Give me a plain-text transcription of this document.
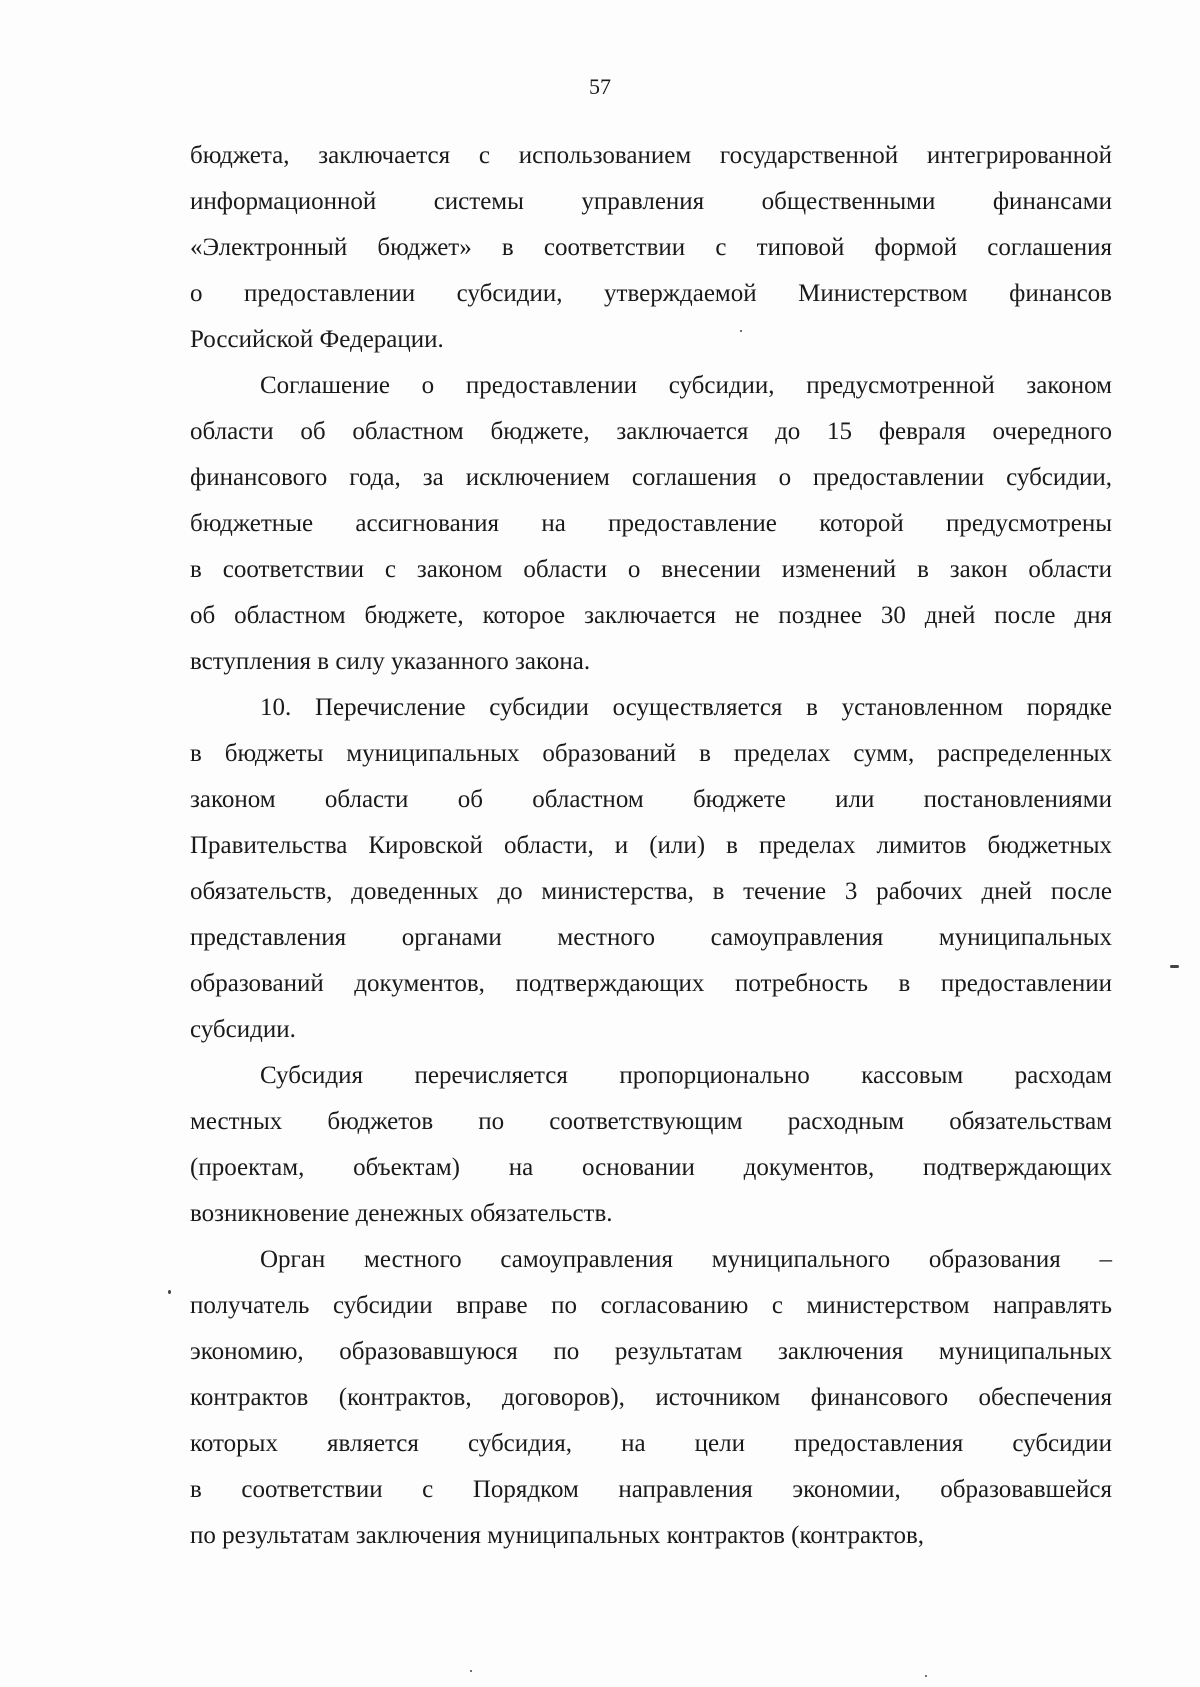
57

бюджета, заключается с использованием государственной интегрированной
информационной системы управления общественными финансами
«Электронный бюджет» в соответствии с типовой формой соглашения
о предоставлении субсидии, утверждаемой Министерством финансов
Российской Федерации.

Соглашение о предоставлении субсидии, предусмотренной законом
области об областном бюджете, заключается до 15 февраля очередного
финансового года, за исключением соглашения о предоставлении субсидии,
бюджетные ассигнования на предоставление которой предусмотрены
в соответствии с законом области о внесении изменений в закон области
об областном бюджете, которое заключается не позднее 30 дней после дня
вступления в силу указанного закона.

10. Перечисление субсидии осуществляется в установленном порядке
в бюджеты муниципальных образований в пределах сумм, распределенных
законом области об областном бюджете или постановлениями
Правительства Кировской области, и (или) в пределах лимитов бюджетных
обязательств, доведенных до министерства, в течение 3 рабочих дней после
представления органами местного самоуправления муниципальных
образований документов, подтверждающих потребность в предоставлении
субсидии.

Субсидия перечисляется пропорционально кассовым расходам
местных бюджетов по соответствующим расходным обязательствам
(проектам, объектам) на основании документов, подтверждающих
возникновение денежных обязательств.

Орган местного самоуправления муниципального образования –
получатель субсидии вправе по согласованию с министерством направлять
экономию, образовавшуюся по результатам заключения муниципальных
контрактов (контрактов, договоров), источником финансового обеспечения
которых является субсидия, на цели предоставления субсидии
в соответствии с Порядком направления экономии, образовавшейся
по результатам заключения муниципальных контрактов (контрактов,
